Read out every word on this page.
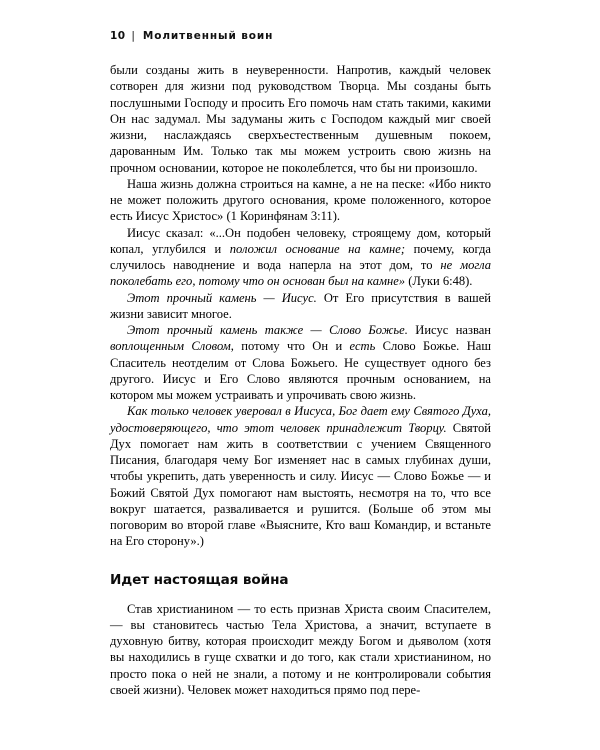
10 | Молитвенный воин

были созданы жить в неуверенности. Напротив, каждый человек сотворен для жизни под руководством Творца. Мы созданы быть послушными Господу и просить Его помочь нам стать такими, какими Он нас задумал. Мы задуманы жить с Господом каждый миг своей жизни, наслаждаясь сверхъестественным душевным покоем, дарованным Им. Только так мы можем устроить свою жизнь на прочном основании, которое не поколеблется, что бы ни произошло.

Наша жизнь должна строиться на камне, а не на песке: «Ибо никто не может положить другого основания, кроме положенного, которое есть Иисус Христос» (1 Коринфянам 3:11).

Иисус сказал: «...Он подобен человеку, строящему дом, который копал, углубился и положил основание на камне; почему, когда случилось наводнение и вода наперла на этот дом, то не могла поколебать его, потому что он основан был на камне» (Луки 6:48).

Этот прочный камень — Иисус. От Его присутствия в вашей жизни зависит многое.

Этот прочный камень также — Слово Божье. Иисус назван воплощенным Словом, потому что Он и есть Слово Божье. Наш Спаситель неотделим от Слова Божьего. Не существует одного без другого. Иисус и Его Слово являются прочным основанием, на котором мы можем устраивать и упрочивать свою жизнь.

Как только человек уверовал в Иисуса, Бог дает ему Святого Духа, удостоверяющего, что этот человек принадлежит Творцу. Святой Дух помогает нам жить в соответствии с учением Священного Писания, благодаря чему Бог изменяет нас в самых глубинах души, чтобы укрепить, дать уверенность и силу. Иисус — Слово Божье — и Божий Святой Дух помогают нам выстоять, несмотря на то, что все вокруг шатается, разваливается и рушится. (Больше об этом мы поговорим во второй главе «Выясните, Кто ваш Командир, и встаньте на Его сторону».)

Идет настоящая война

Став христианином — то есть признав Христа своим Спасителем, — вы становитесь частью Тела Христова, а значит, вступаете в духовную битву, которая происходит между Богом и дьяволом (хотя вы находились в гуще схватки и до того, как стали христианином, но просто пока о ней не знали, а потому и не контролировали события своей жизни). Человек может находиться прямо под пере-
